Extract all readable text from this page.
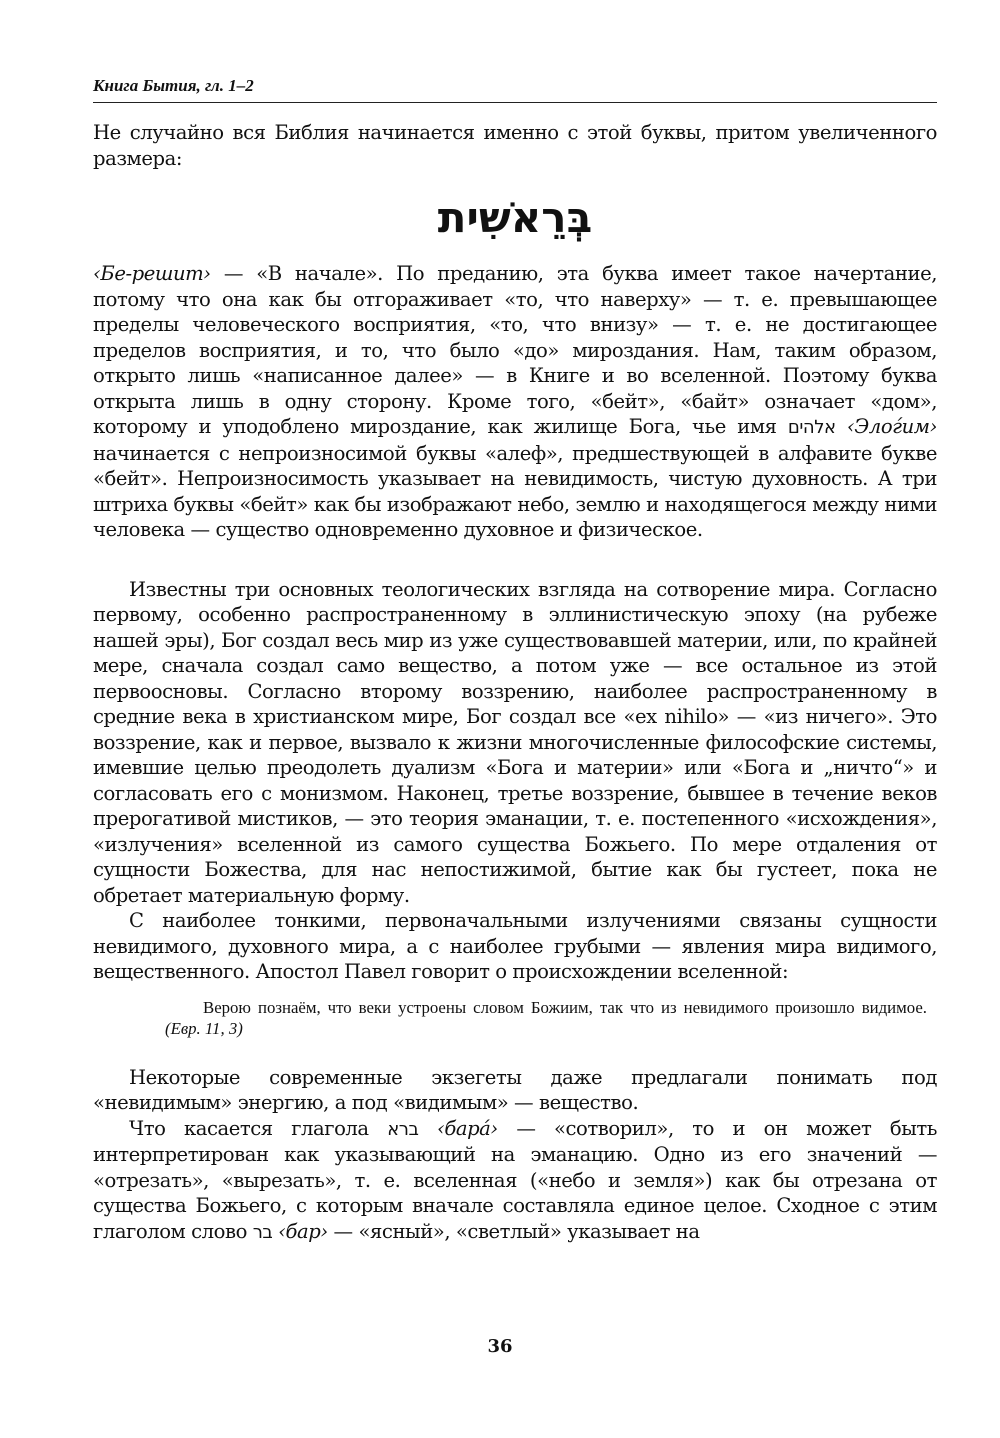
Книга Бытия, гл. 1–2

Не случайно вся Библия начинается именно с этой буквы, притом увеличенного размера:

בְּרֵאשִׁית

‹Бе-решит› — «В начале». По преданию, эта буква имеет такое начертание, потому что она как бы отгораживает «то, что наверху» — т. е. превышающее пределы человеческого восприятия, «то, что внизу» — т. е. не достигающее пределов восприятия, и то, что было «до» мироздания. Нам, таким образом, открыто лишь «написанное далее» — в Книге и во вселенной. Поэтому буква открыта лишь в одну сторону. Кроме того, «бейт», «байт» означает «дом», которому и уподоблено мироздание, как жилище Бога, чье имя אלהים ‹Элоѓим› начинается с непроизносимой буквы «алеф», предшествующей в алфавите букве «бейт». Непроизносимость указывает на невидимость, чистую духовность. А три штриха буквы «бейт» как бы изображают небо, землю и находящегося между ними человека — существо одновременно духовное и физическое.

Известны три основных теологических взгляда на сотворение мира. Согласно первому, особенно распространенному в эллинистическую эпоху (на рубеже нашей эры), Бог создал весь мир из уже существовавшей материи, или, по крайней мере, сначала создал само вещество, а потом уже — все остальное из этой первоосновы. Согласно второму воззрению, наиболее распространенному в средние века в христианском мире, Бог создал все «ex nihilo» — «из ничего». Это воззрение, как и первое, вызвало к жизни многочисленные философские системы, имевшие целью преодолеть дуализм «Бога и материи» или «Бога и „ничто“» и согласовать его с монизмом. Наконец, третье воззрение, бывшее в течение веков прерогативой мистиков, — это теория эманации, т. е. постепенного «исхождения», «излучения» вселенной из самого существа Божьего. По мере отдаления от сущности Божества, для нас непостижимой, бытие как бы густеет, пока не обретает материальную форму.

С наиболее тонкими, первоначальными излучениями связаны сущности невидимого, духовного мира, а с наиболее грубыми — явления мира видимого, вещественного. Апостол Павел говорит о происхождении вселенной:

Верою познаём, что веки устроены словом Божиим, так что из невидимого произошло видимое. (Евр. 11, 3)

Некоторые современные экзегеты даже предлагали понимать под «невидимым» энергию, а под «видимым» — вещество.

Что касается глагола ברא ‹бара́› — «сотворил», то и он может быть интерпретирован как указывающий на эманацию. Одно из его значений — «отрезать», «вырезать», т. е. вселенная («небо и земля») как бы отрезана от существа Божьего, с которым вначале составляла единое целое. Сходное с этим глаголом слово בר ‹бар› — «ясный», «светлый» указывает на

36
